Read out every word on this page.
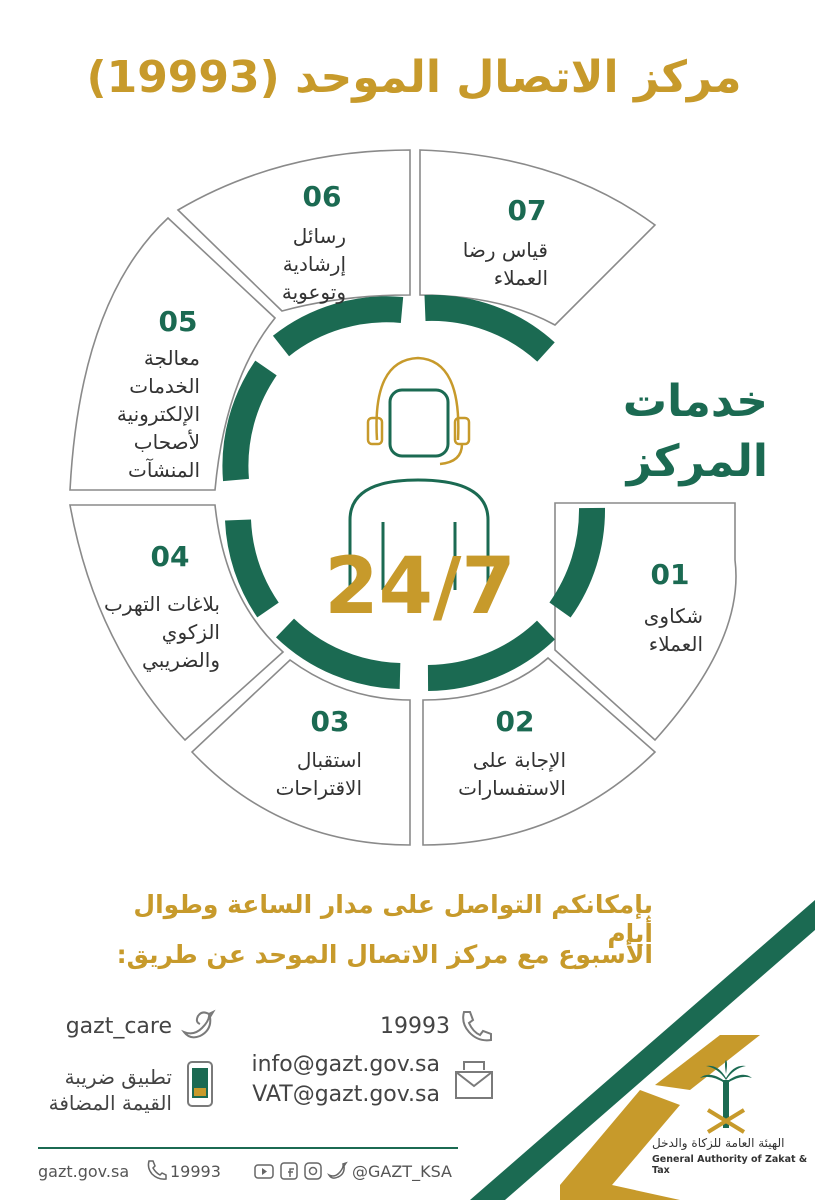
مركز الاتصال الموحد (19993)
خدمات
المركز
24/7	01
شكاوى
العملاء
02
الإجابة على
الاستفسارات
03
استقبال
الاقتراحات
04
بلاغات التهرب
الزكوي
والضريبي
05
معالجة
الخدمات
الإلكترونية
لأصحاب
المنشآت
06
رسائل
إرشادية
وتوعوية
07
قياس رضا
العملاء
بإمكانكم التواصل على مدار الساعة وطوال أيام
الأسبوع مع مركز الاتصال الموحد عن طريق:
19993
gazt_care
info@gazt.gov.sa
VAT@gazt.gov.sa
تطبيق ضريبة
القيمة المضافة
gazt.gov.sa	19993	@GAZT_KSA
الهيئة العامة للزكاة والدخل
General Authority of Zakat & Tax
